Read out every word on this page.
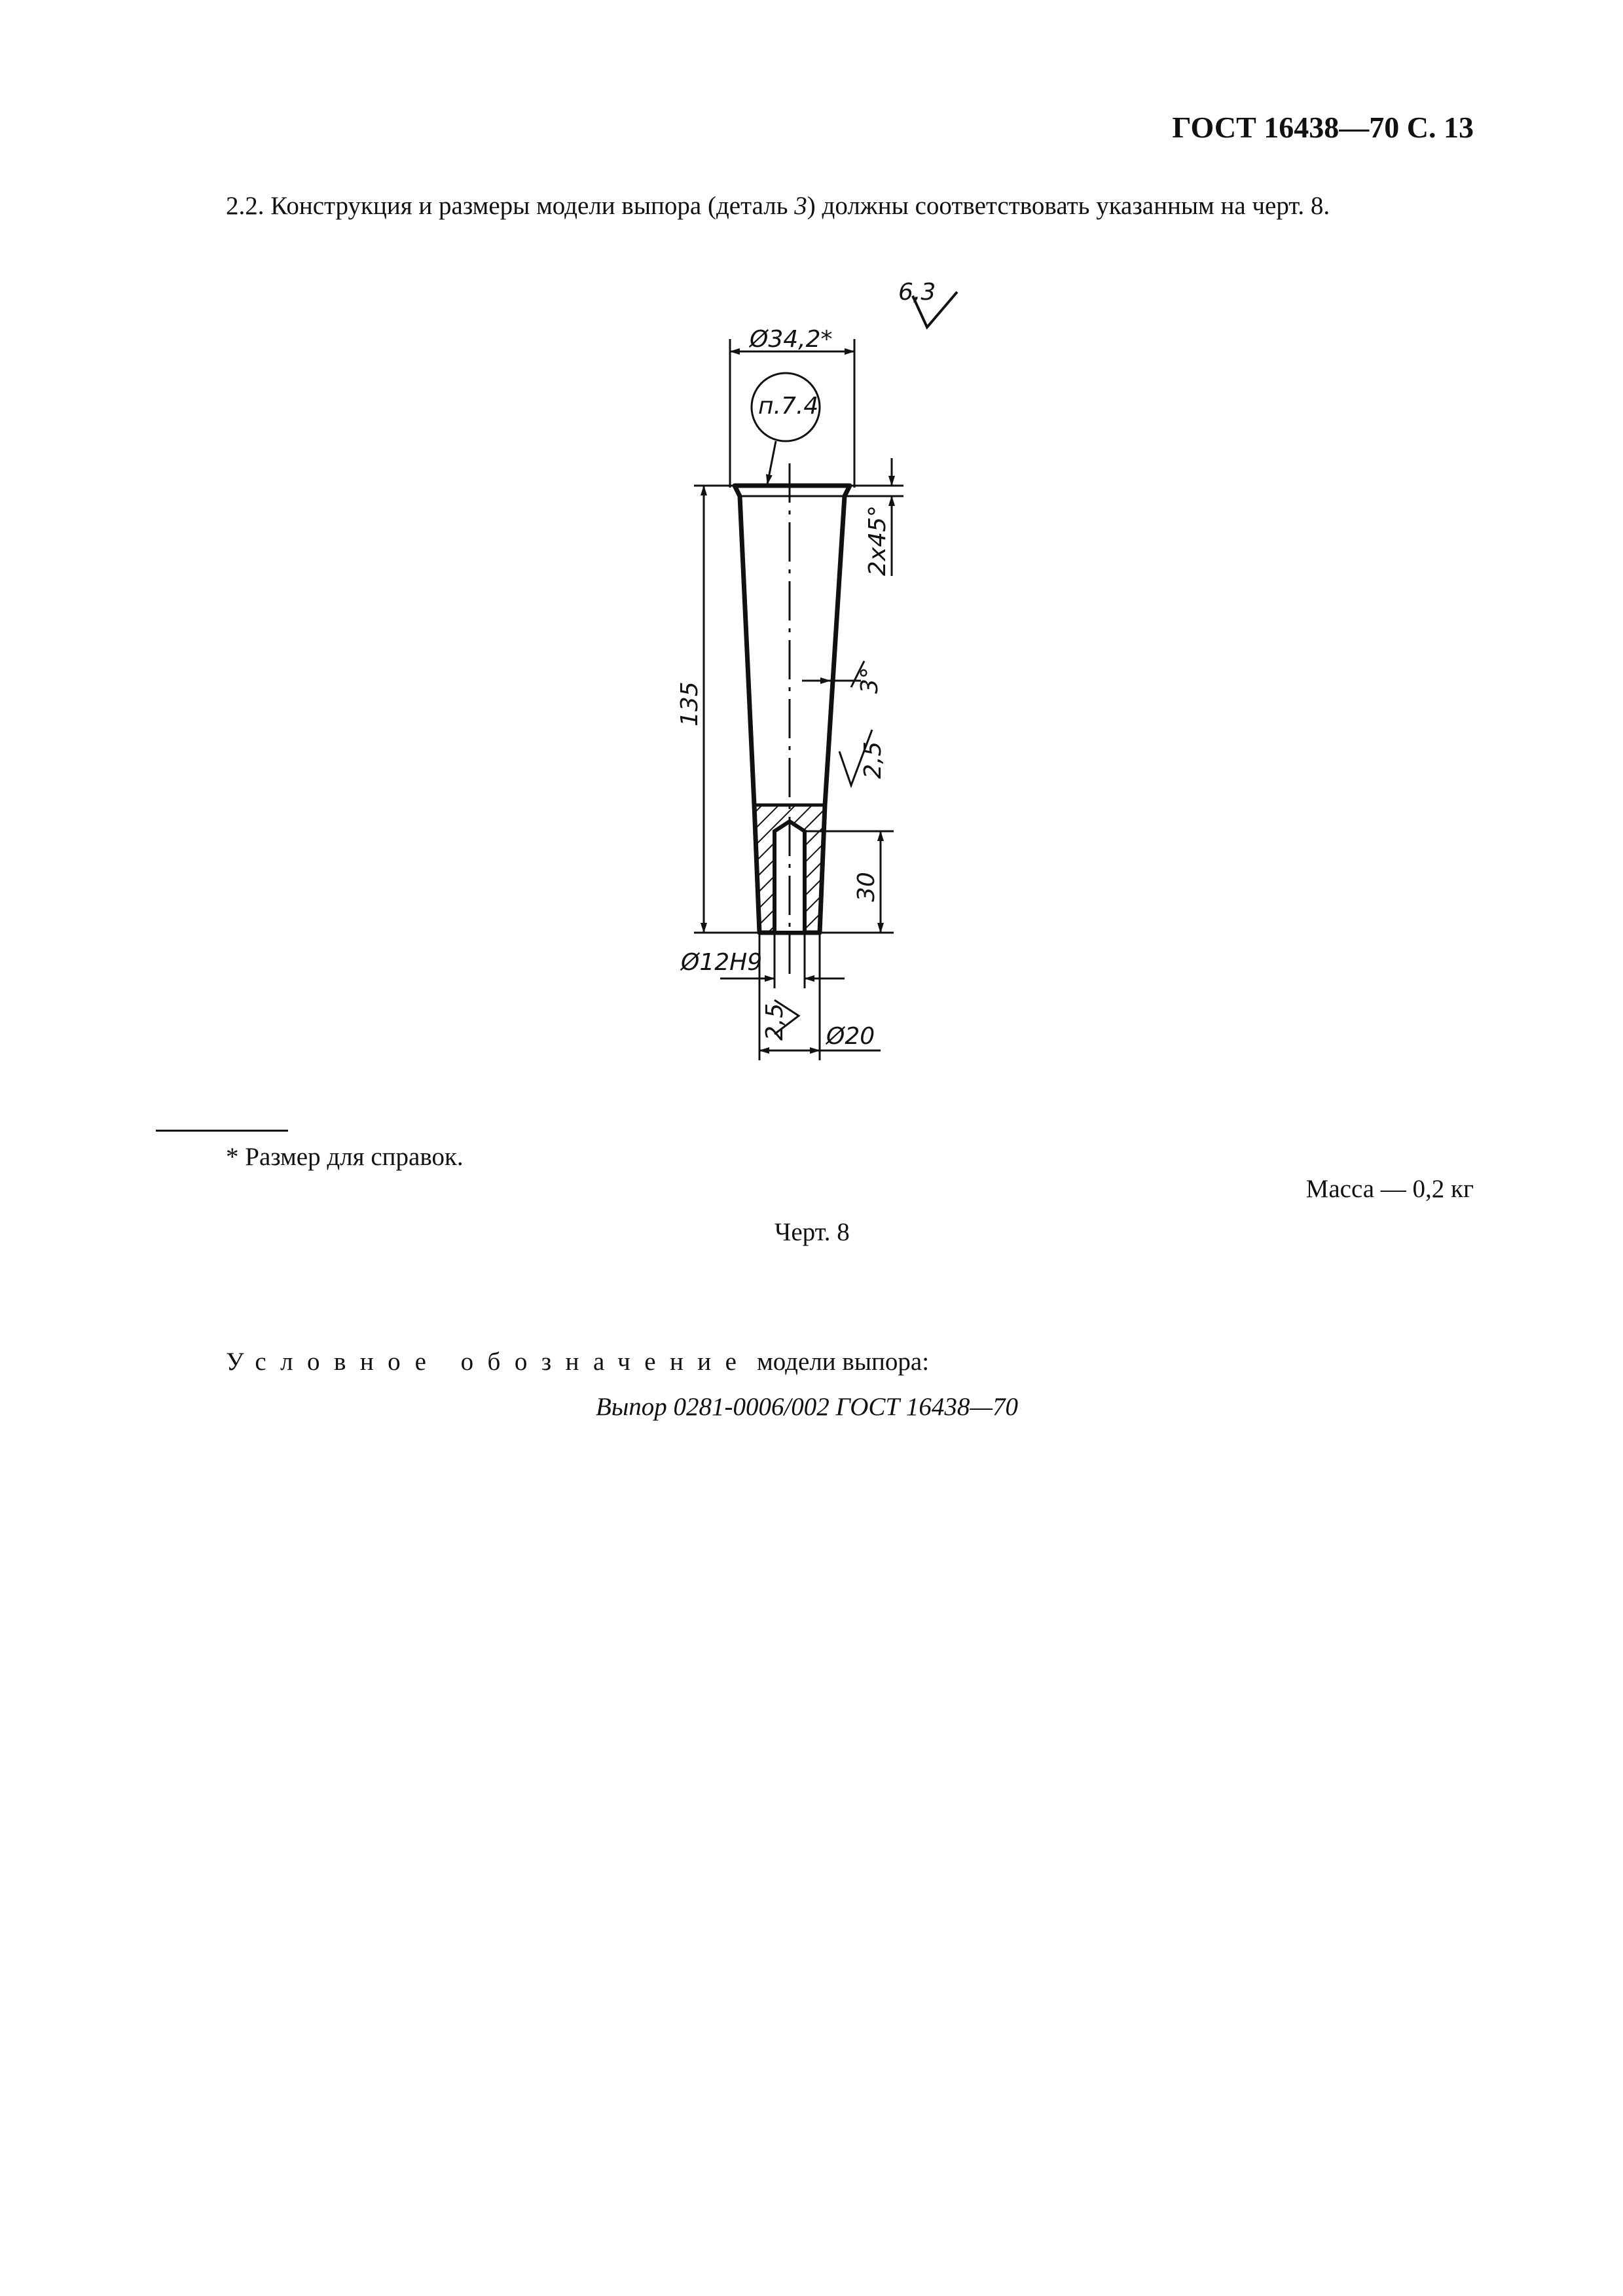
ГОСТ 16438—70 С. 13
2.2. Конструкция и размеры модели выпора (деталь 3) должны соответствовать указанным на черт. 8.
6,3
Ø34,2*
п.7.4
135
2x45°
3°
2,5
30
Ø12H9
2,5 Ø20
* Размер для справок.
Масса — 0,2 кг
Черт. 8
Условное обозначение модели выпора:
Выпор 0281-0006/002 ГОСТ 16438—70
